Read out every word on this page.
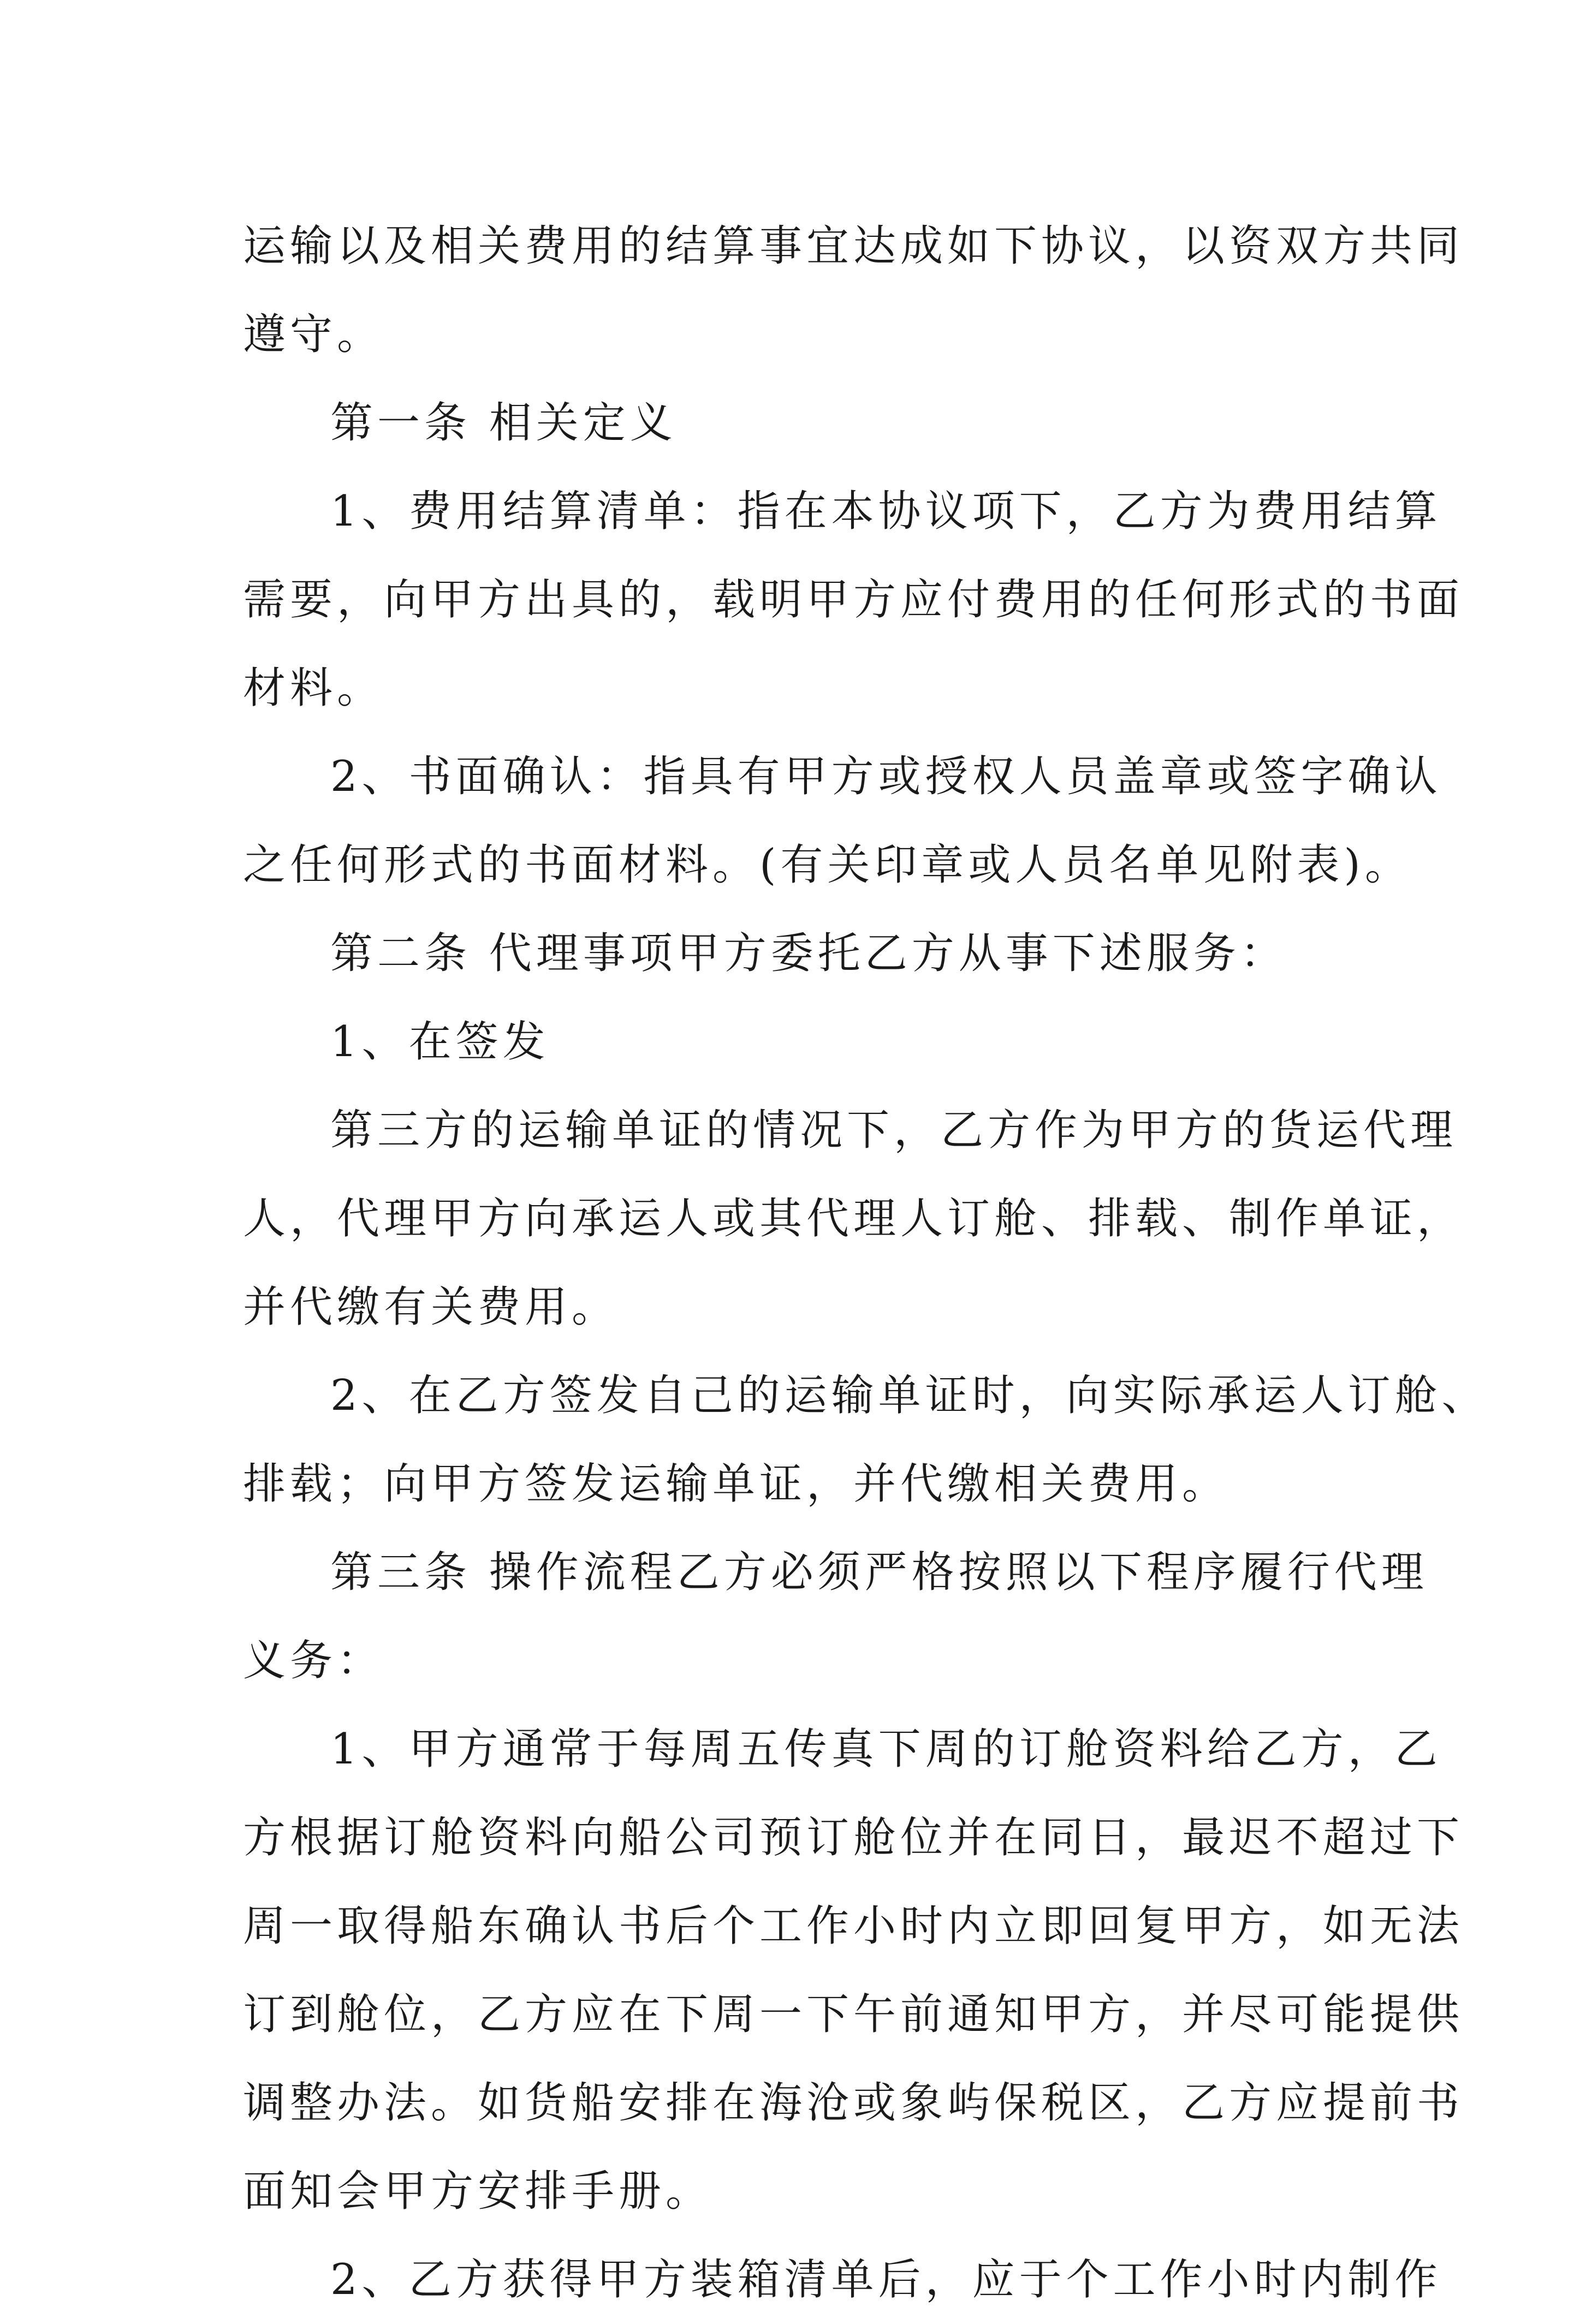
运输以及相关费用的结算事宜达成如下协议，以资双方共同
遵守。
第一条 相关定义
1、费用结算清单：指在本协议项下，乙方为费用结算
需要，向甲方出具的，载明甲方应付费用的任何形式的书面
材料。
2、书面确认：指具有甲方或授权人员盖章或签字确认
之任何形式的书面材料。(有关印章或人员名单见附表)。
第二条 代理事项甲方委托乙方从事下述服务：
1、在签发
第三方的运输单证的情况下，乙方作为甲方的货运代理
人，代理甲方向承运人或其代理人订舱、排载、制作单证，
并代缴有关费用。
2、在乙方签发自己的运输单证时，向实际承运人订舱、
排载；向甲方签发运输单证，并代缴相关费用。
第三条 操作流程乙方必须严格按照以下程序履行代理
义务：
1、甲方通常于每周五传真下周的订舱资料给乙方，乙
方根据订舱资料向船公司预订舱位并在同日，最迟不超过下
周一取得船东确认书后个工作小时内立即回复甲方，如无法
订到舱位，乙方应在下周一下午前通知甲方，并尽可能提供
调整办法。如货船安排在海沧或象屿保税区，乙方应提前书
面知会甲方安排手册。
2、乙方获得甲方装箱清单后，应于个工作小时内制作
